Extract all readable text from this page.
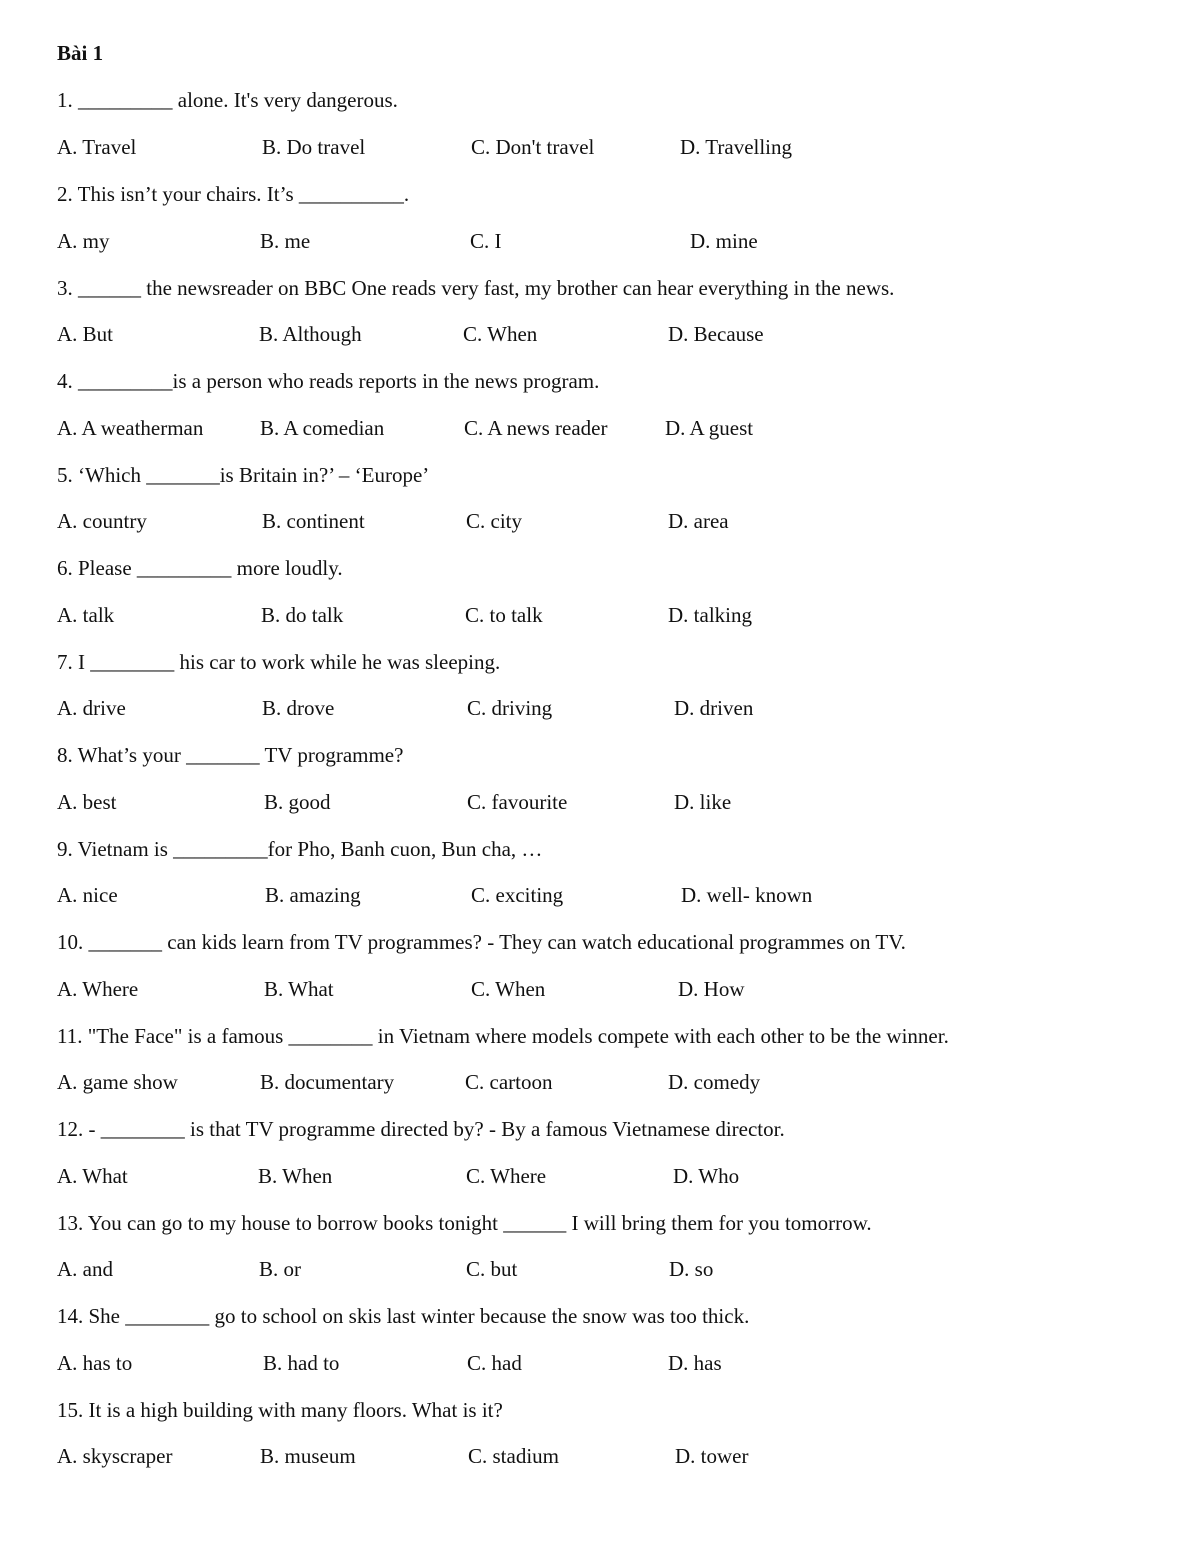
Bài 1
1. _________ alone. It's very dangerous.
A. Travel	B. Do travel	C. Don't travel	D. Travelling
2. This isn’t your chairs. It’s __________.
A. my	B. me	C. I	D. mine
3. ______ the newsreader on BBC One reads very fast, my brother can hear everything in the news.
A. But	B. Although	C. When	D. Because
4. _________is a person who reads reports in the news program.
A. A weatherman	B. A comedian	C. A news reader	D. A guest
5. ‘Which _______is Britain in?’ – ‘Europe’
A. country	B. continent	C. city	D. area
6. Please _________ more loudly.
A. talk	B. do talk	C. to talk	D. talking
7. I ________ his car to work while he was sleeping.
A. drive	B. drove	C. driving	D. driven
8. What’s your _______ TV programme?
A. best	B. good	C. favourite	D. like
9. Vietnam is _________for Pho, Banh cuon, Bun cha, …
A. nice	B. amazing	C. exciting	D. well- known
10. _______ can kids learn from TV programmes? - They can watch educational programmes on TV.
A. Where	B. What	C. When	D. How
11. "The Face" is a famous ________ in Vietnam where models compete with each other to be the winner.
A. game show	B. documentary	C. cartoon	D. comedy
12. - ________ is that TV programme directed by? - By a famous Vietnamese director.
A. What	B. When	C. Where	D. Who
13. You can go to my house to borrow books tonight ______ I will bring them for you tomorrow.
A. and	B. or	C. but	D. so
14. She ________ go to school on skis last winter because the snow was too thick.
A. has to	B. had to	C. had	D. has
15. It is a high building with many floors. What is it?
A. skyscraper	B. museum	C. stadium	D. tower
